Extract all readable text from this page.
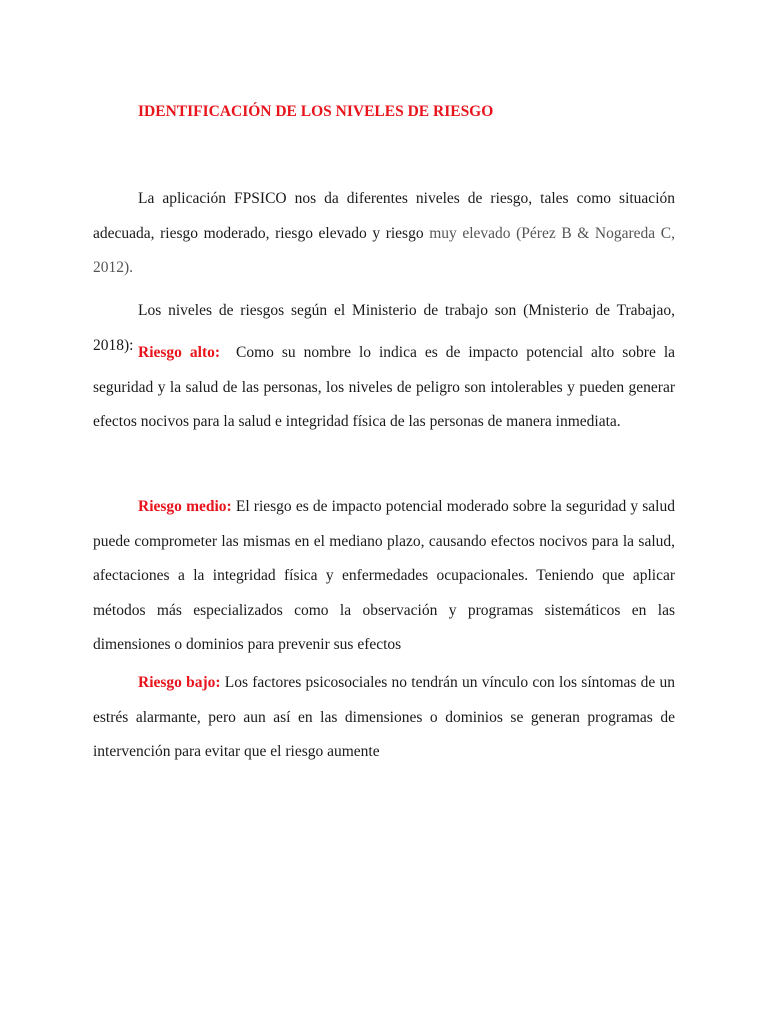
IDENTIFICACIÓN DE LOS NIVELES DE RIESGO

La aplicación FPSICO nos da diferentes niveles de riesgo, tales como situación adecuada, riesgo moderado, riesgo elevado y riesgo muy elevado (Pérez B & Nogareda C, 2012).

Los niveles de riesgos según el Ministerio de trabajo son (Mnisterio de Trabajao, 2018): Riesgo alto:  Como su nombre lo indica es de impacto potencial alto sobre la seguridad y la salud de las personas, los niveles de peligro son intolerables y pueden generar efectos nocivos para la salud e integridad física de las personas de manera inmediata.

Riesgo medio: El riesgo es de impacto potencial moderado sobre la seguridad y salud puede comprometer las mismas en el mediano plazo, causando efectos nocivos para la salud, afectaciones a la integridad física y enfermedades ocupacionales. Teniendo que aplicar métodos más especializados como la observación y programas sistemáticos en las dimensiones o dominios para prevenir sus efectos

Riesgo bajo: Los factores psicosociales no tendrán un vínculo con los síntomas de un estrés alarmante, pero aun así en las dimensiones o dominios se generan programas de intervención para evitar que el riesgo aumente
